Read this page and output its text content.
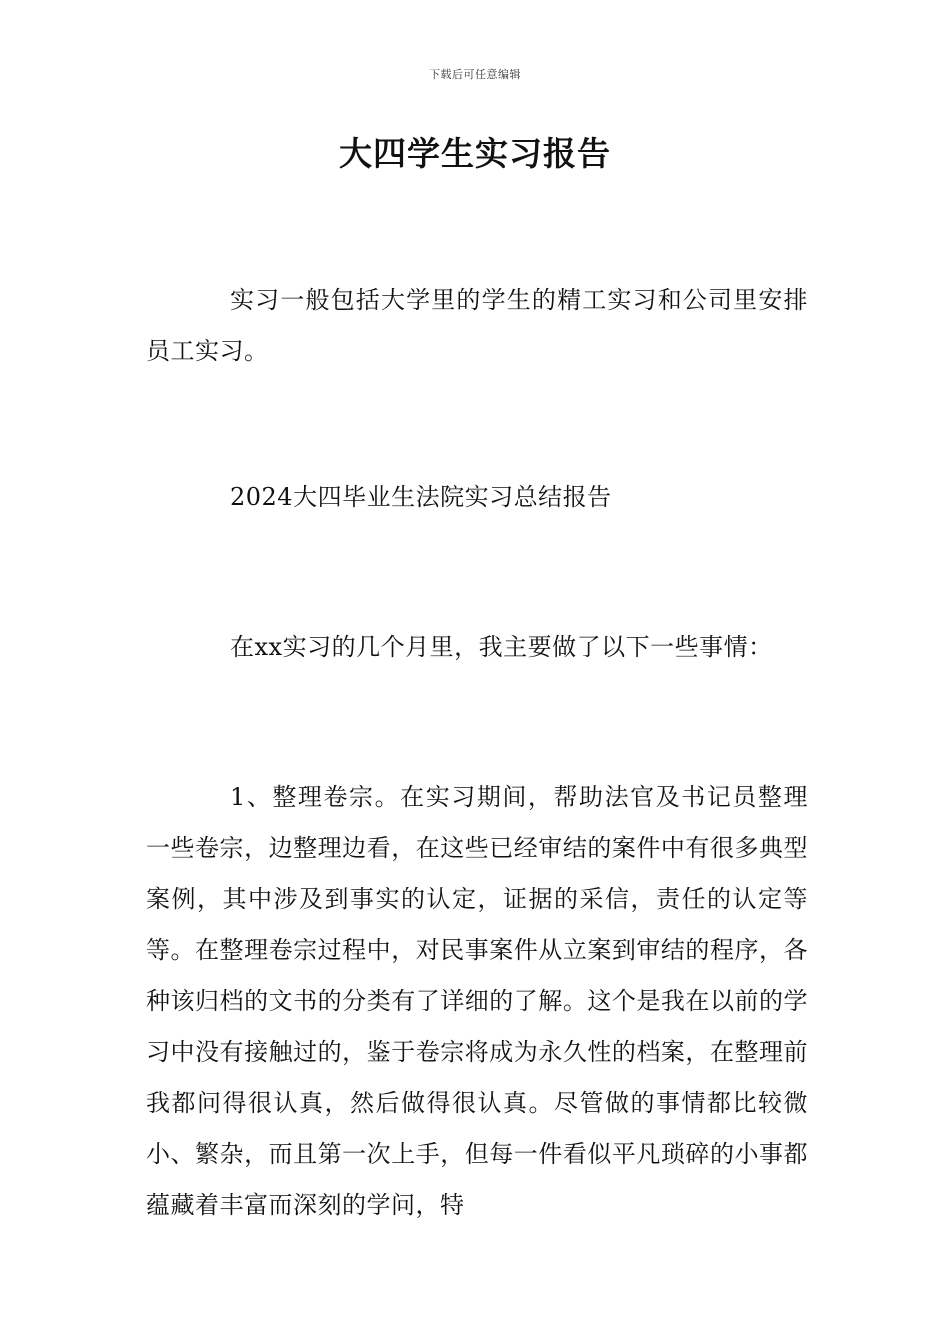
下载后可任意编辑
大四学生实习报告

实习一般包括大学里的学生的精工实习和公司里安排员工实习。

2024大四毕业生法院实习总结报告

在xx实习的几个月里，我主要做了以下一些事情：

1、整理卷宗。在实习期间，帮助法官及书记员整理一些卷宗，边整理边看，在这些已经审结的案件中有很多典型案例，其中涉及到事实的认定，证据的采信，责任的认定等等。在整理卷宗过程中，对民事案件从立案到审结的程序，各种该归档的文书的分类有了详细的了解。这个是我在以前的学习中没有接触过的，鉴于卷宗将成为永久性的档案，在整理前我都问得很认真，然后做得很认真。尽管做的事情都比较微小、繁杂，而且第一次上手，但每一件看似平凡琐碎的小事都蕴藏着丰富而深刻的学问，特
